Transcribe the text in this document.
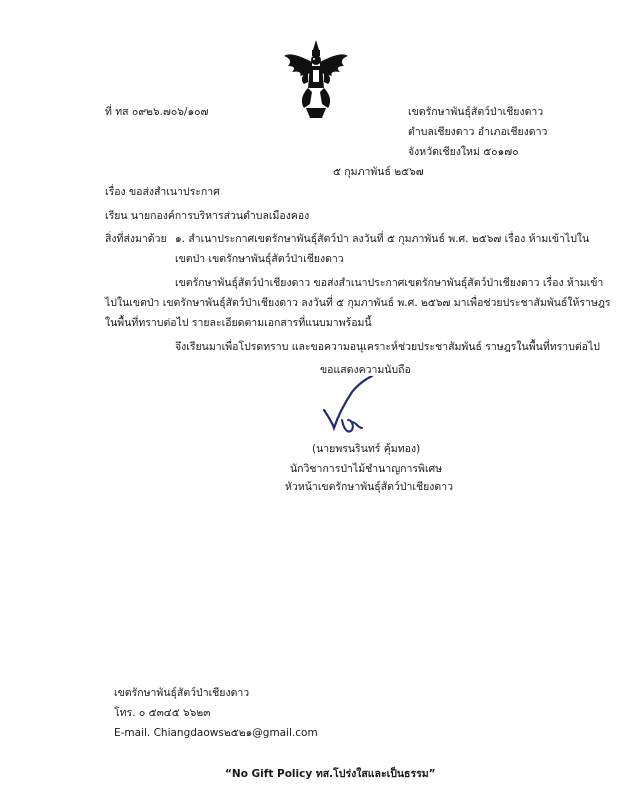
ที่ ทส ๐๙๒๖.๗๐๖/๑๐๗	เขตรักษาพันธุ์สัตว์ป่าเชียงดาว
ตำบลเชียงดาว อำเภอเชียงดาว
จังหวัดเชียงใหม่ ๕๐๑๗๐
๕ กุมภาพันธ์ ๒๕๖๗
เรื่อง ขอส่งสำเนาประกาศ
เรียน นายกองค์การบริหารส่วนตำบลเมืองคอง
สิ่งที่ส่งมาด้วย ๑. สำเนาประกาศเขตรักษาพันธุ์สัตว์ป่า ลงวันที่ ๕ กุมภาพันธ์ พ.ศ. ๒๕๖๗ เรื่อง ห้ามเข้าไปใน
เขตป่า เขตรักษาพันธุ์สัตว์ป่าเชียงดาว
เขตรักษาพันธุ์สัตว์ป่าเชียงดาว ขอส่งสำเนาประกาศเขตรักษาพันธุ์สัตว์ป่าเชียงดาว เรื่อง ห้ามเข้า
ไปในเขตป่า เขตรักษาพันธุ์สัตว์ป่าเชียงดาว ลงวันที่ ๕ กุมภาพันธ์ พ.ศ. ๒๕๖๗ มาเพื่อช่วยประชาสัมพันธ์ให้ราษฎร
ในพื้นที่ทราบต่อไป รายละเอียดตามเอกสารที่แนบมาพร้อมนี้
จึงเรียนมาเพื่อโปรดทราบ และขอความอนุเคราะห์ช่วยประชาสัมพันธ์ ราษฎรในพื้นที่ทราบต่อไป
ขอแสดงความนับถือ
(นายพรนรินทร์ คุ้มทอง)
นักวิชาการป่าไม้ชำนาญการพิเศษ
หัวหน้าเขตรักษาพันธุ์สัตว์ป่าเชียงดาว
เขตรักษาพันธุ์สัตว์ป่าเชียงดาว
โทร. ๐ ๕๓๔๕ ๖๖๒๓
E-mail. Chiangdaows๒๕๒๑@gmail.com
“No Gift Policy ทส.โปร่งใสและเป็นธรรม”
